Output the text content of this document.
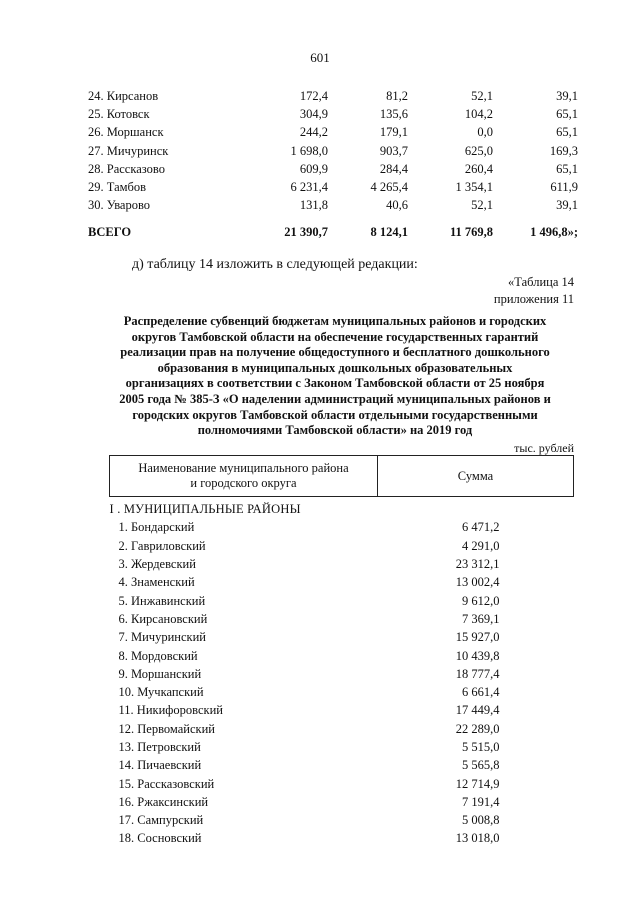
601
24. Кирсанов	172,4	81,2	52,1	39,1
25. Котовск	304,9	135,6	104,2	65,1
26. Моршанск	244,2	179,1	0,0	65,1
27. Мичуринск	1 698,0	903,7	625,0	169,3
28. Рассказово	609,9	284,4	260,4	65,1
29. Тамбов	6 231,4	4 265,4	1 354,1	611,9
30. Уварово	131,8	40,6	52,1	39,1
ВСЕГО	21 390,7	8 124,1	11 769,8	1 496,8»;
д) таблицу 14 изложить в следующей редакции:
«Таблица 14
приложения 11
Распределение субвенций бюджетам муниципальных районов и городских
округов Тамбовской области на обеспечение государственных гарантий
реализации прав на получение общедоступного и бесплатного дошкольного
образования в муниципальных дошкольных образовательных
организациях в соответствии с Законом Тамбовской области от 25 ноября
2005 года № 385-З «О наделении администраций муниципальных районов и
городских округов Тамбовской области отдельными государственными
полномочиями Тамбовской области» на 2019 год
тыс. рублей
Наименование муниципального района
и городского округа	Сумма
I . МУНИЦИПАЛЬНЫЕ РАЙОНЫ	
1. Бондарский	6 471,2
2. Гавриловский	4 291,0
3. Жердевский	23 312,1
4. Знаменский	13 002,4
5. Инжавинский	9 612,0
6. Кирсановский	7 369,1
7. Мичуринский	15 927,0
8. Мордовский	10 439,8
9. Моршанский	18 777,4
10. Мучкапский	6 661,4
11. Никифоровский	17 449,4
12. Первомайский	22 289,0
13. Петровский	5 515,0
14. Пичаевский	5 565,8
15. Рассказовский	12 714,9
16. Ржаксинский	7 191,4
17. Сампурский	5 008,8
18. Сосновский	13 018,0
